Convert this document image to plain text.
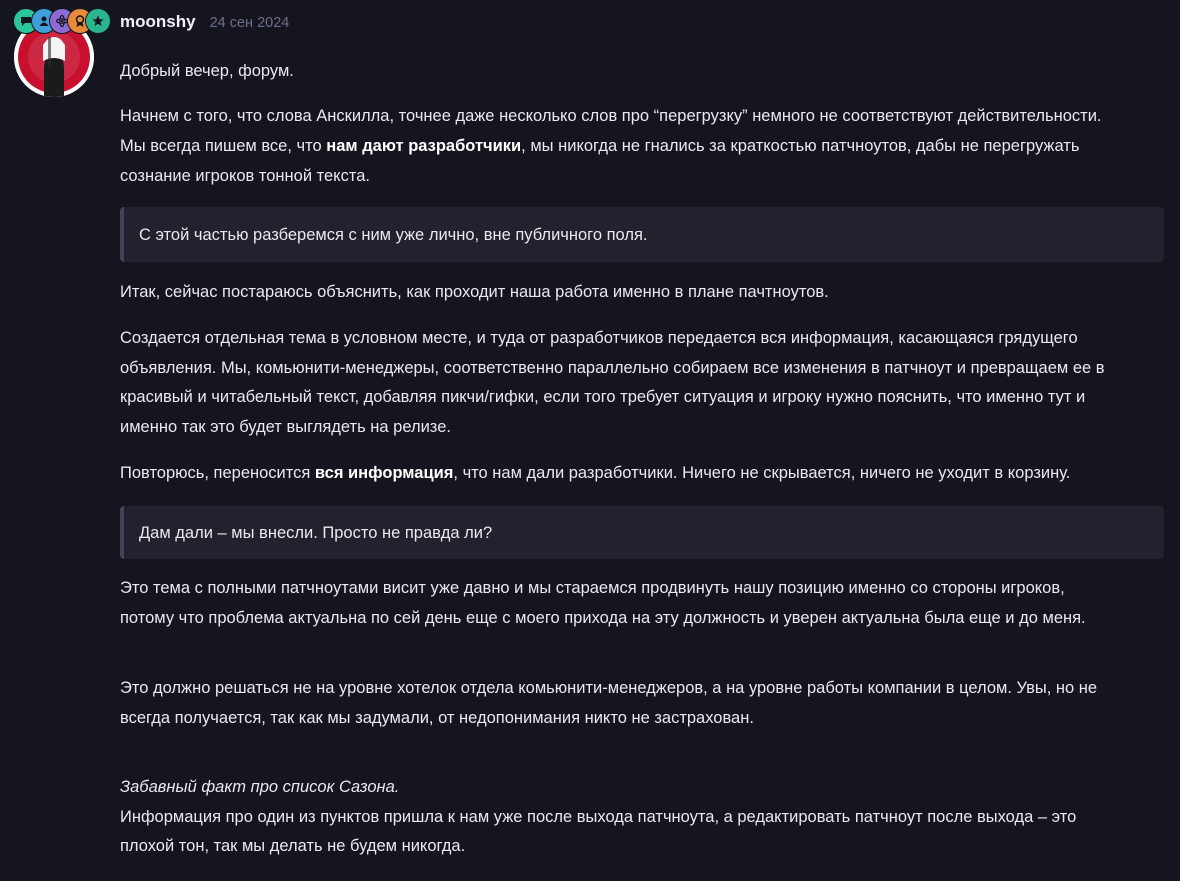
moonshy 24 сен 2024

Добрый вечер, форум.

Начнем с того, что слова Анскилла, точнее даже несколько слов про “перегрузку” немного не соответствуют действительности.

Мы всегда пишем все, что нам дают разработчики, мы никогда не гнались за краткостью патчноутов, дабы не перегружать

сознание игроков тонной текста.

С этой частью разберемся с ним уже лично, вне публичного поля.

Итак, сейчас постараюсь объяснить, как проходит наша работа именно в плане пачтноутов.

Создается отдельная тема в условном месте, и туда от разработчиков передается вся информация, касающаяся грядущего

объявления. Мы, комьюнити-менеджеры, соответственно параллельно собираем все изменения в патчноут и превращаем ее в

красивый и читабельный текст, добавляя пикчи/гифки, если того требует ситуация и игроку нужно пояснить, что именно тут и

именно так это будет выглядеть на релизе.

Повторюсь, переносится вся информация, что нам дали разработчики. Ничего не скрывается, ничего не уходит в корзину.

Дам дали – мы внесли. Просто не правда ли?

Это тема с полными патчноутами висит уже давно и мы стараемся продвинуть нашу позицию именно со стороны игроков,

потому что проблема актуальна по сей день еще с моего прихода на эту должность и уверен актуальна была еще и до меня.

Это должно решаться не на уровне хотелок отдела комьюнити-менеджеров, а на уровне работы компании в целом. Увы, но не

всегда получается, так как мы задумали, от недопонимания никто не застрахован.

Забавный факт про список Сазона.

Информация про один из пунктов пришла к нам уже после выхода патчноута, а редактировать патчноут после выхода – это

плохой тон, так мы делать не будем никогда.
